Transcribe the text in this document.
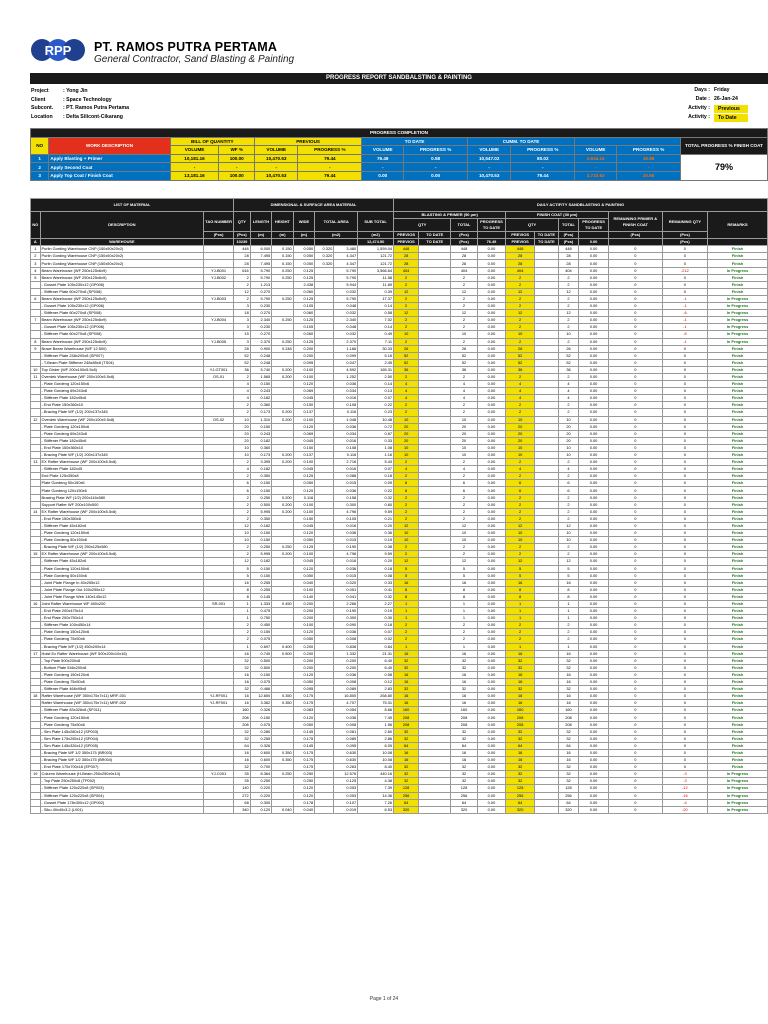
RPP PT. RAMOS PUTRA PERTAMA
General Contractor, Sand Blasting & Painting
PROGRESS REPORT SANDBALSTING & PAINTING
Project	: Yong Jin
Client	: Space Technology
Subcont.	: PT. Ramos Putra Pertama
Location	: Delta Silicont-Cikarang
Days : Friday
Date : 26-Jan-24
Activity :	Previous
Activity :	To Date
PROGRESS COMPLETION												
NO	WORK DESCRIPTION	BILL OF QUANTITY		PREVIOUS		TO DATE		CUMM. TO DATE				TOTAL PROGRESS % FINISH COAT
		VOLUME	WF %	VOLUME	PROGRESS %	VOLUME	PROGRESS %	VOLUME	PROGRESS %	VOLUME	PROGRESS %	
1	Apply Blasting + Primer	10,181.16	100.00	10,470.53	79.44	76.49	0.58	10,547.02	80.02	2,634.14	19.98	79%
2	Apply Second Coat	-	-	-	-	-	-	-	-	-	-	
3	Apply Top Coat / Finish Coat	13,181.16	100.00	10,470.53	79.44	0.00	0.00	10,470.53	79.44	2,710.63	20.56	
LIST OF MATERIAL			DIMENSIONAL & SURFACE AREA MATERIAL							DAILY ACTIFITY SANDBLASTING & PAINTING										
NO	DESCRIPTION	TAG NUMBER	QTY	LENGTH	HEIGHT	WIDE	TOTAL AREA		SUB TOTAL	BLASTING & PRIMER (50 µm)				FINISH COAT (30 µm)				REMAINING PRIMER & FINISH COAT	REMAINING QTY	REMARKS
										QTY		TOTAL	PROGRESS TO DATE	QTY		TOTAL	PROGRESS TO DATE			
		(Pcs)	(Pcs)	(m)	(m)	(m)	(m2)		(m2)	PREVIOS	TO DATE	(Pcs)		PREVIOS	TO DATE	(Pcs)		(Pcs)	(Pcs)	
A	WAREHOUSE		10239						12,474.50	PREVIOS	TO DATE	(Pcs)	76.49	PREVIOS	TO DATE	(Pcs)	0.00		(Pcs)	
1	Purlin Gording Warehouse CNP (150x50x20x2)		448	6.000	0.150	0.050	0.320	3.480	1,559.04	448		448	0.00	448		448	0.00	0	0	Finish
2	Purlin Gording Warehouse CNP (150x50x20x2)		28	7.495	0.150	0.050	0.320	4.347	121.72	28		28	0.00	28		28	0.00	0	0	Finish
3	Purlin Gording Warehouse CNP (150x50x20x2)		28	7.495	0.150	0.050	0.320	4.347	121.72	28		28	0.00	28		28	0.00	0	0	Finish
4	Beam Warehouse (WF 250x125x6x9)	YJ-B001	616	5.790	0.250	0.125		5.790	3,566.64	404		404	0.00	404		404	0.00	0	-212	In Progress
5	Beam Warehouse (WF 250x125x6x9)	YJ-B002	2	5.790	0.250	0.125		5.790	11.58	2		2	0.00	2		2	0.00	0	0	Finish
	- Gusset Plate 105x230x12 (GP006)		2	1.213		2.438		5.944	11.89	2		2	0.00	2		2	0.00	0	0	Finish
	- Stiffener Plate 60x270x8 (SP008)		12	0.270		0.060		0.032	0.39	12		12	0.00	12		12	0.00	0	0	Finish
6	Beam Warehouse (WF 250x125x6x9)	YJ-B003	2	5.790	0.250	0.125		5.790	17.37	2		2	0.00	2		2	0.00	0	-1	In Progress
	- Gusset Plate 105x230x12 (GP006)		3	0.230		0.105		0.048	0.14	2		2	0.00	2		2	0.00	0	-1	In Progress
	- Stiffener Plate 60x270x8 (SP008)		18	0.270		0.060		0.032	0.58	12		12	0.00	12		12	0.00	0	-6	In Progress
7	Beam Warehouse (WF 250x125x6x9)	YJ-B004	3	2.340	0.250	0.125		2.340	7.02	2		2	0.00	2		2	0.00	0	-1	In Progress
	- Gusset Plate 105x230x12 (GP006)		3	0.230		0.105		0.048	0.14	2		2	0.00	2		2	0.00	0	-1	In Progress
	- Stiffener Plate 60x270x8 (SP008)		15	0.270		0.060		0.032	0.49	10		10	0.00	10		10	0.00	0	-5	In Progress
8	Beam Warehouse (WF 250x125x6x9)	YJ-B005	3	2.370	0.250	0.125		2.370	7.11	2		2	0.00	2		2	0.00	0	-1	In Progress
9	Brace Beam Warehouse (WF 12.500)		28	0.900	0.248	0.200		1.166	30.33	26		26	0.00	26		26	0.00	0	0	Finish
	- Stiffener Plate 248x200x8 (SP007)		52	0.248		0.200		0.099	5.16	52		52	0.00	52		52	0.00	0	0	Finish
	- T-Beam Plate Stiffener 248x85x8 (TS04)		52	0.248		0.095		0.047	2.45	52		52	0.00	52		52	0.00	0	0	Finish
10	Top Girder (WF 200x100x5.5x8)	YJ-GT001	36	5.740	0.200	0.100		4.592	165.31	36		36	0.00	36		36	0.00	0	0	Finish
11	Overdek Warehouse (WF 200x100x5.5x8)	OS-01	2	1.565	0.200	0.100		1.252	2.50	2		2	0.00	2		2	0.00	0	0	Finish
	- Plate Gordeng 120x150x6		4	0.150		0.120		0.036	0.14	4		4	0.00	4		4	0.00	0	0	Finish
	- Plate Gordeng 69x243x8		4	0.243		0.069		0.034	0.13	4		4	0.00	4		4	0.00	0	0	Finish
	- Stiffener Plate 182x45x6		4	0.182		0.045		0.016	0.07	4		4	0.00	4		4	0.00	0	0	Finish
	- End Plate 150x360x10		2	0.360		0.150		0.108	0.22	2		2	0.00	2		2	0.00	0	0	Finish
	- Bracing Plate WF (1/2) 200x137x345		2	0.173	0.200	0.137		0.116	0.23	2		2	0.00	2		2	0.00	0	0	Finish
12	Overdek Warehouse (WF 200x100x5.5x8)	OS-02	10	1.310	0.200	0.100		1.048	10.48	10		10	0.00	10		10	0.00	0	0	Finish
	- Plate Gordeng 120x150x6		20	0.150		0.120		0.036	0.72	20		20	0.00	20		20	0.00	0	0	Finish
	- Plate Gordeng 69x243x8		20	0.243		0.069		0.034	0.67	20		20	0.00	20		20	0.00	0	0	Finish
	- Stiffener Plate 182x45x6		20	0.182		0.045		0.016	0.33	20		20	0.00	20		20	0.00	0	0	Finish
	- End Plate 150x360x10		10	0.360		0.150		0.108	1.08	10		10	0.00	10		10	0.00	0	0	Finish
	- Bracing Plate WF (1/2) 200x137x345		10	0.173	0.200	0.137		0.116	1.16	10		10	0.00	10		10	0.00	0	0	Finish
13	EX Rafter Warehouse (WF 200x100x5.5x8)		2	3.395	0.200	0.100		2.716	5.43	2		2	0.00	2		2	0.00	0	0	Finish
	- Stiffener Plate 182x45		4	0.182		0.045		0.016	0.07	4		4	0.00	4		4	0.00	0	0	Finish
	End Plate 125x350x8		2	0.350		0.125		0.088	0.18	2		2	0.00	2		2	0.00	0	0	Finish
	Plate Gordeng 50x150x6		6	0.150		0.050		0.015	0.09	6		6	0.00	6		6	0.00	0	0	Finish
	Plate Gordeng 120x150x6		6	0.150		0.120		0.036	0.22	6		6	0.00	6		6	0.00	0	0	Finish
	Bracing Plate WF (1/2) 200x116x580		2	0.250	0.200	0.116		0.158	0.32	2		2	0.00	2		2	0.00	0	0	Finish
	Support Rafter WF 200x100x500		2	0.500	0.200	0.100		0.300	0.60	2		2	0.00	2		2	0.00	0	0	Finish
14	EX Rafter Warehouse (WF 200x100x5.5x8)		2	5.995	0.200	0.100		4.796	9.59	2		2	0.00	2		2	0.00	0	0	Finish
	- End Plate 150x350x8		2	0.350		0.150		0.105	0.21	2		2	0.00	2		2	0.00	0	0	Finish
	- Stiffener Plate 45x182x6		12	0.182		0.045		0.016	0.20	12		12	0.00	12		12	0.00	0	0	Finish
	- Plate Gordeng 120x150x6		10	0.150		0.120		0.036	0.36	10		10	0.00	10		10	0.00	0	0	Finish
	- Plate Gordeng 50x150x6		10	0.150		0.050		0.015	0.15	10		10	0.00	10		10	0.00	0	0	Finish
	- Bracing Plate WF (1/2) 250x125x580		2	0.250	0.250	0.125		0.190	0.38	2		2	0.00	2		2	0.00	0	0	Finish
15	EX Rafter Warehouse (WF 200x100x5.5x8)		2	5.995	0.200	0.100		4.796	9.59	2		2	0.00	2		2	0.00	0	0	Finish
	- Stiffener Plate 45x182x6		12	0.182		0.045		0.016	0.20	12		12	0.00	12		12	0.00	0	0	Finish
	- Plate Gordeng 120x150x6		5	0.150		0.120		0.036	0.18	5		5	0.00	5		5	0.00	0	0	Finish
	- Plate Gordeng 50x150x6		5	0.150		0.050		0.015	0.08	5		5	0.00	5		5	0.00	0	0	Finish
	- Joint Plate Flange In 40x255x12		16	0.255		0.040		0.020	0.33	16		16	0.00	16		16	0.00	0	0	Finish
	- Joint Plate Flange Out 100x255x12		8	0.255		0.100		0.051	0.41	8		8	0.00	8		8	0.00	0	0	Finish
	- Joint Plate Flange Web 140x145x12		8	0.145		0.140		0.041	0.32	8		8	0.00	8		8	0.00	0	0	Finish
16	Joint Rafter Warehouse WF 450x200	SR-001	1	1.333	0.450	0.200		2.266	2.27	1		1	0.00	1		1	0.00	0	0	Finish
	- End Plate 200x475x14		1	0.475		0.200		0.190	0.19	1		1	0.00	1		1	0.00	0	0	Finish
	- End Plate 200x750x14		1	0.750		0.200		0.300	0.30	1		1	0.00	1		1	0.00	0	0	Finish
	- Stiffener Plate 100x450x14		2	0.450		0.100		0.090	0.18	2		2	0.00	2		2	0.00	0	0	Finish
	- Plate Gordeng 150x120x6		2	0.150		0.120		0.036	0.07	2		2	0.00	2		2	0.00	0	0	Finish
	- Plate Gordeng 75x50x6		2	0.075		0.050		0.008	0.02	2		2	0.00	2		2	0.00	0	0	Finish
	- Bracing Plate WF (1/2) 450x200x14		1	0.697	0.400	0.200		0.836	0.84	1		1	0.00	1		1	0.00	0	0	Finish
17	Hoist Ex Rafter Warehouse (WF 500x200x10x16)		16	0.740	0.500	0.200		1.332	21.31	16		16	0.00	16		16	0.00	0	0	Finish
	- Top Plate 500x200x8		32	0.500		0.200		0.200	6.40	32		32	0.00	32		32	0.00	0	0	Finish
	- Bottom Plate 546x200x8		32	0.500		0.200		0.200	6.40	32		32	0.00	32		32	0.00	0	0	Finish
	- Plate Gordeng 150x120x6		16	0.150		0.120		0.036	0.58	16		16	0.00	16		16	0.00	0	0	Finish
	- Plate Gordeng 75x50x6		16	0.075		0.050		0.008	0.12	16		16	0.00	16		16	0.00	0	0	Finish
	- Stiffener Plate 466x95x8		32	0.466		0.095		0.089	2.83	32		32	0.00	32		32	0.00	0	0	Finish
18	Rafter Warehouse (WF 350x175x7x11) MRF-001	YJ-RF001	16	12.800	0.350	0.175		16.800	268.80	16		16	0.00	16		16	0.00	0	0	Finish
	Rafter Warehouse (WF 350x175x7x11) MRF-002	YJ-RF001	16	3.362	0.350	0.175		4.707	75.31	16		16	0.00	16		16	0.00	0	0	Finish
	- Stiffener Plate 83x326x8 (SF011)		160	0.326		0.083		0.054	8.66	160		160	0.00	160		160	0.00	0	0	Finish
	- Plate Gordeng 120x150x6		208	0.150		0.120		0.036	7.49	208		208	0.00	208		208	0.00	0	0	Finish
	- Plate Gordeng 75x50x6		208	0.075		0.050		0.008	1.56	208		208	0.00	208		208	0.00	0	0	Finish
	- Sim Plate 145x280x12 (SP003)		32	0.280		0.145		0.081	2.60	32		32	0.00	32		32	0.00	0	0	Finish
	- Sim Plate 175x255x12 (SP004)		32	0.255		0.175		0.089	2.86	32		32	0.00	32		32	0.00	0	0	Finish
	- Sim Plate 145x326x12 (SP005)		64	0.326		0.145		0.095	6.05	64		64	0.00	64		64	0.00	0	0	Finish
	- Bracing Plate WF 1/2 350x175 (BR003)		16	0.600	0.350	0.175		0.630	10.08	16		16	0.00	16		16	0.00	0	0	Finish
	- Bracing Plate WF 1/2 350x175 (BR004)		16	0.600	0.350	0.175		0.630	10.08	16		16	0.00	16		16	0.00	0	0	Finish
	- End Plate 175x700x16 (EP007)		32	0.700		0.175		0.263	8.40	32		32	0.00	32		32	0.00	0	0	Finish
19	Column Warehouse (H-Beam 250x250x9x14)	YJ-C001	35	8.364	0.250	0.250		12.576	440.16	32		32	0.00	32		32	0.00	0	-3	In Progress
	- Top Plate 250x250x8 (TP002)		35	0.250		0.250		0.125	4.38	32		32	0.00	32		32	0.00	0	-3	In Progress
	- Stiffener Plate 120x220x8 (SP003)		140	0.220		0.120		0.053	7.39	128		128	0.00	128		128	0.00	0	-12	In Progress
	- Stiffener Plate 120x220x8 (SP004)		272	0.220		0.120		0.053	14.36	256		256	0.00	256		256	0.00	0	-16	In Progress
	- Gusset Plate 178x300x12 (GP002)		68	0.300		0.178		0.107	7.26	64		64	0.00	64		64	0.00	0	-4	In Progress
	- Siku 40x40x3.2 (L001)		340	0.120	0.040	0.040		0.019	6.53	320		320	0.00	320		320	0.00	0	-20	In Progress
Page 1 of 24
